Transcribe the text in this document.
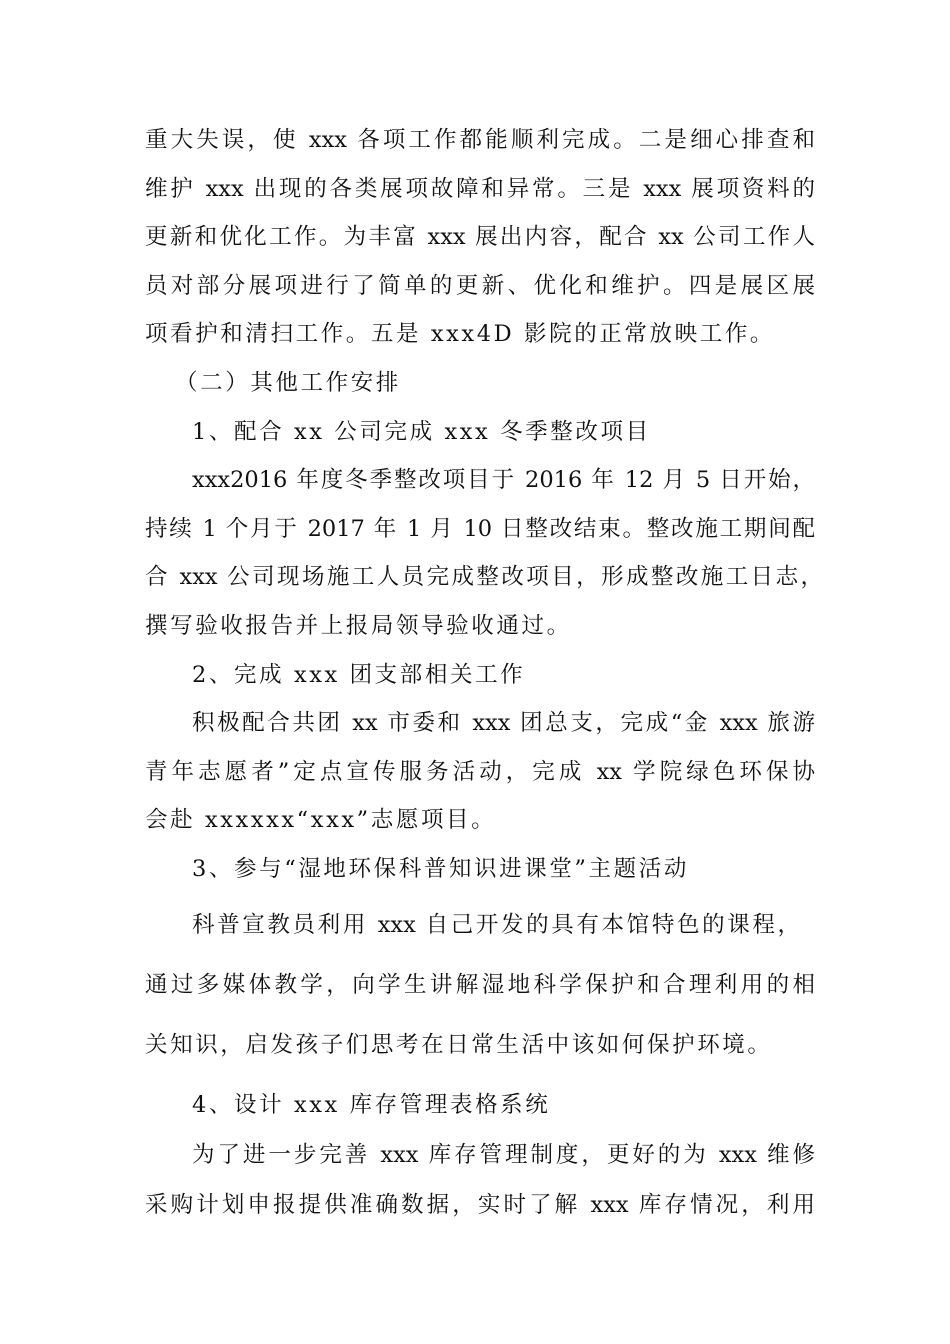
重大失误，使 xxx 各项工作都能顺利完成。二是细心排查和
维护 xxx 出现的各类展项故障和异常。三是 xxx 展项资料的
更新和优化工作。为丰富 xxx 展出内容，配合 xx 公司工作人
员对部分展项进行了简单的更新、优化和维护。四是展区展
项看护和清扫工作。五是 xxx4D 影院的正常放映工作。
（二）其他工作安排
1、配合 xx 公司完成 xxx 冬季整改项目
xxx2016 年度冬季整改项目于 2016 年 12 月 5 日开始，
持续 1 个月于 2017 年 1 月 10 日整改结束。整改施工期间配
合 xxx 公司现场施工人员完成整改项目，形成整改施工日志，
撰写验收报告并上报局领导验收通过。
2、完成 xxx 团支部相关工作
积极配合共团 xx 市委和 xxx 团总支，完成“金 xxx 旅游
青年志愿者”定点宣传服务活动，完成 xx 学院绿色环保协
会赴 xxxxxx“xxx”志愿项目。
3、参与“湿地环保科普知识进课堂”主题活动
科普宣教员利用 xxx 自己开发的具有本馆特色的课程，
通过多媒体教学，向学生讲解湿地科学保护和合理利用的相
关知识，启发孩子们思考在日常生活中该如何保护环境。
4、设计 xxx 库存管理表格系统
为了进一步完善 xxx 库存管理制度，更好的为 xxx 维修
采购计划申报提供准确数据，实时了解 xxx 库存情况，利用
